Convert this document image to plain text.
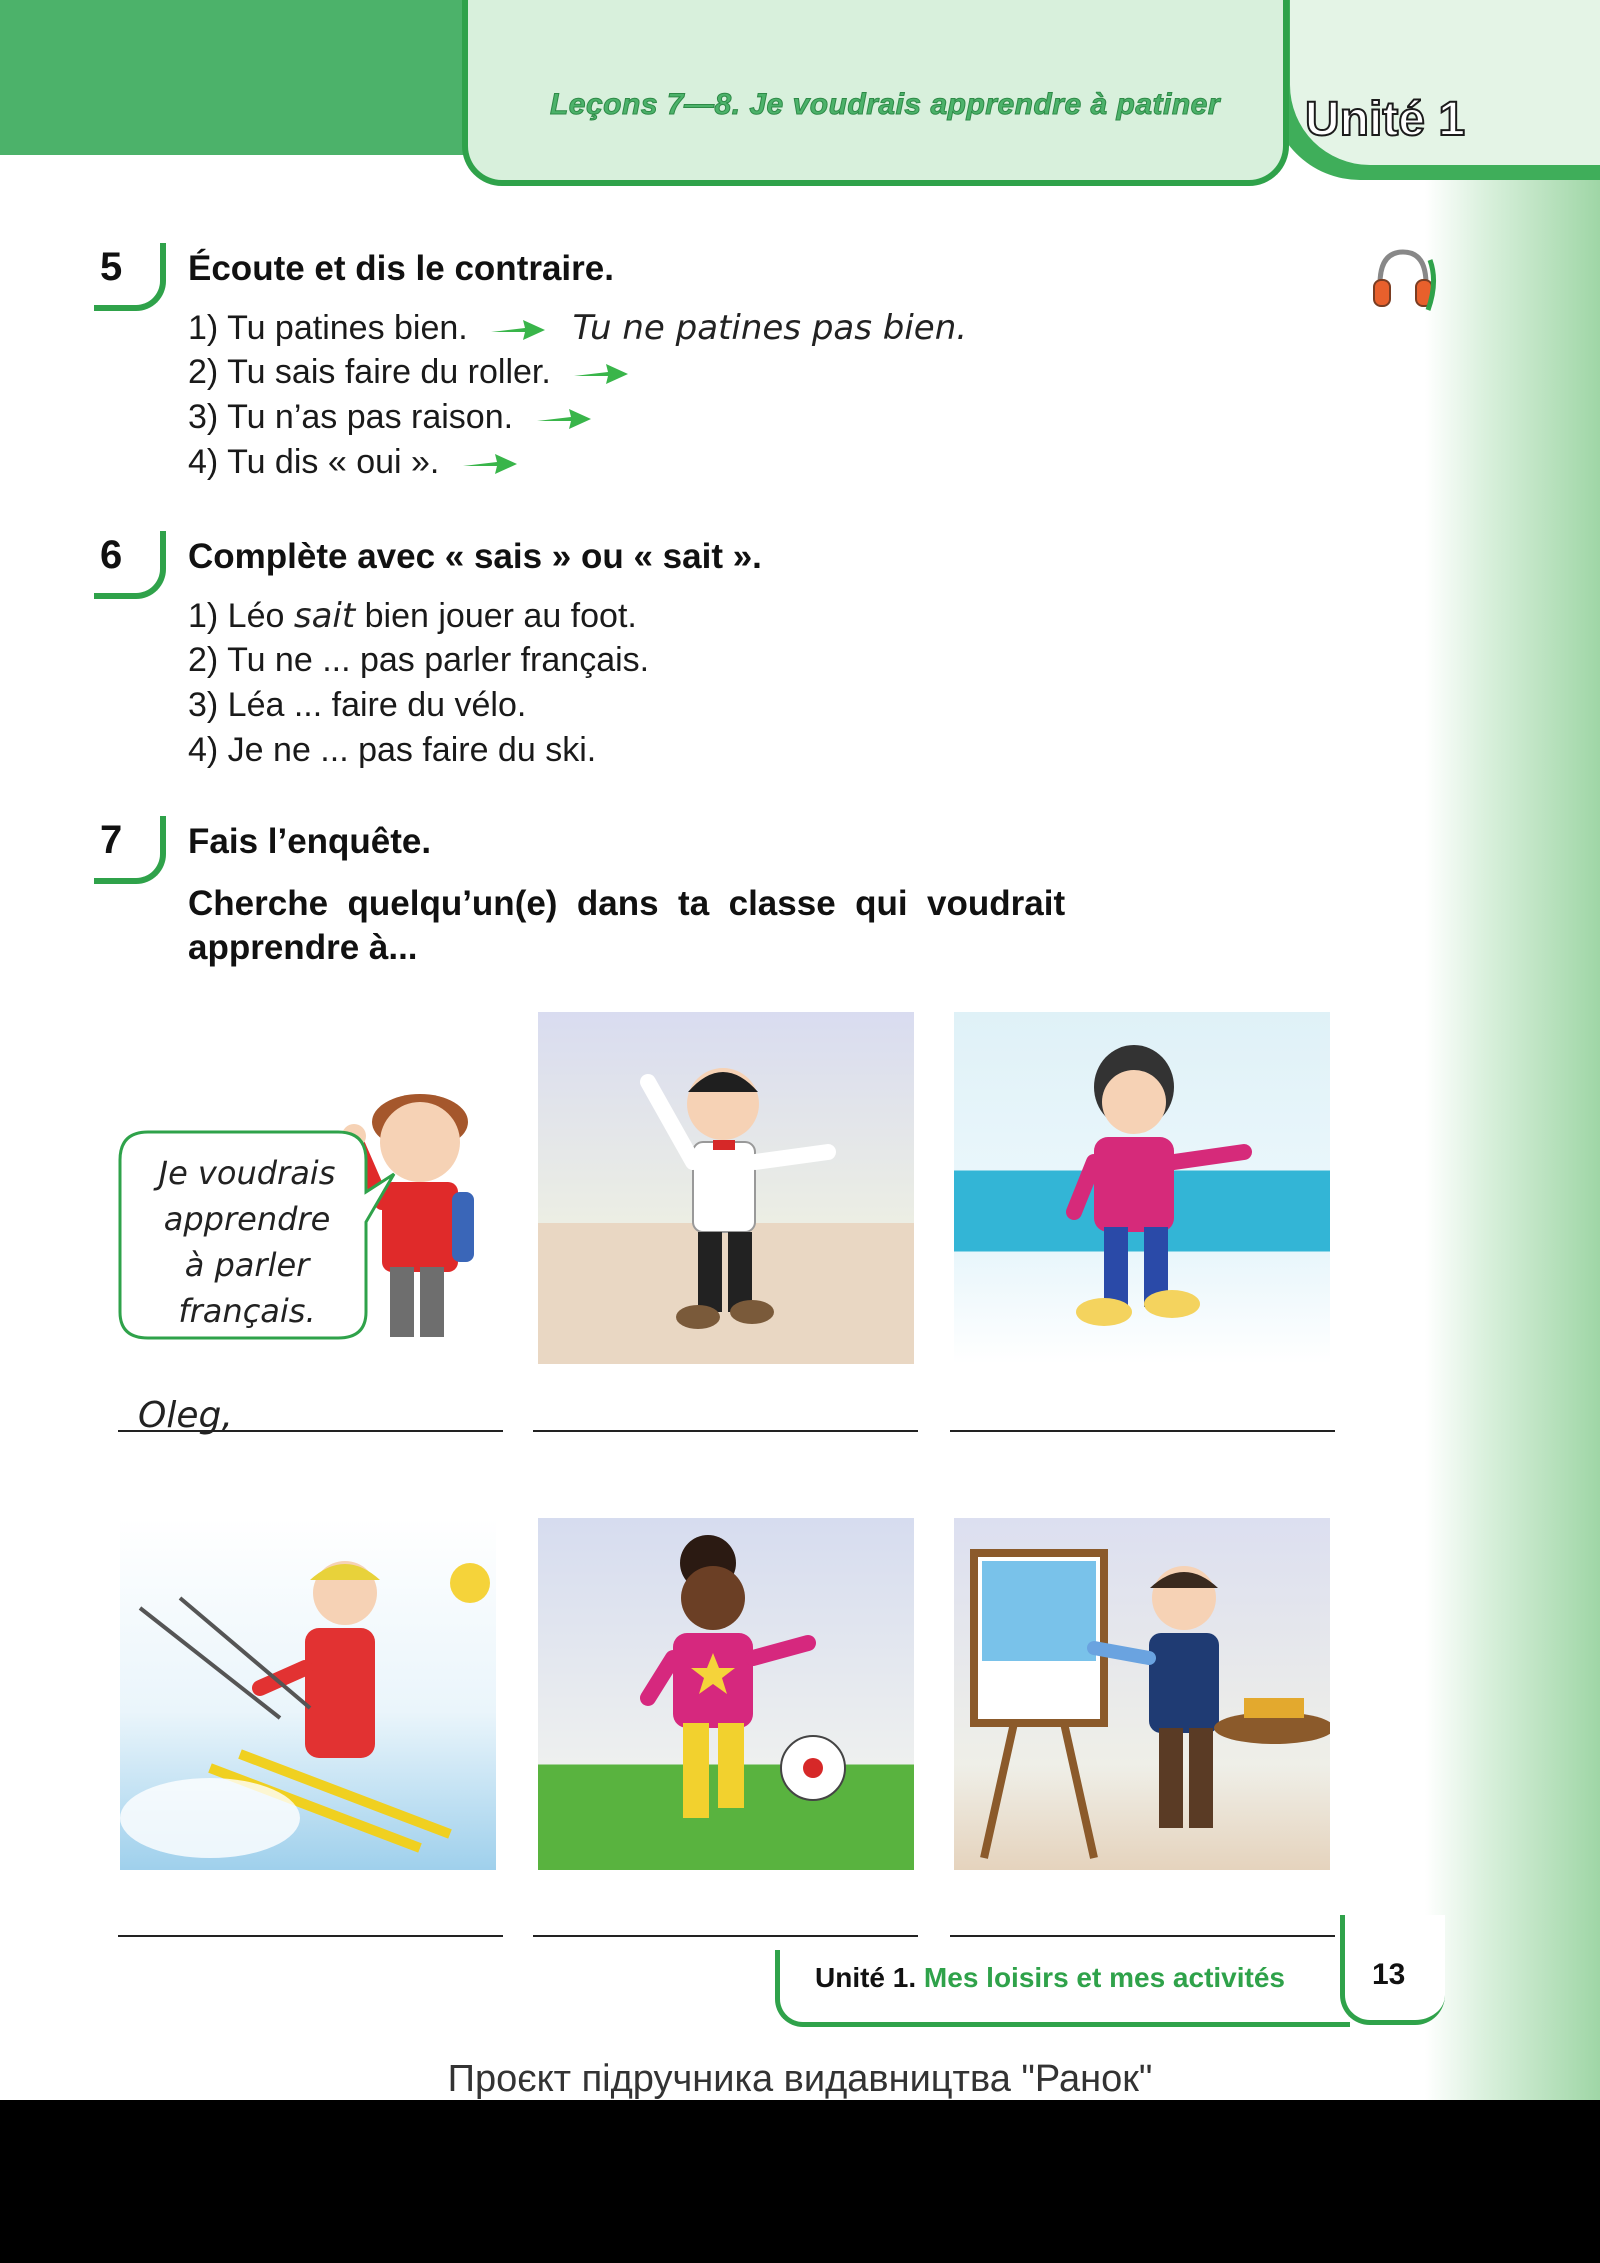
Leçons 7—8. Je voudrais apprendre à patiner	Unité 1
5	Écoute et dis le contraire.
1) Tu patines bien.	Tu ne patines pas bien.
2) Tu sais faire du roller.
3) Tu n’as pas raison.
4) Tu dis « oui ».
6	Complète avec « sais » ou « sait ».
1) Léo sait bien jouer au foot.
2) Tu ne ... pas parler français.
3) Léa ... faire du vélo.
4) Je ne ... pas faire du ski.
7	Fais l’enquête.
Cherche  quelqu’un(e)  dans  ta  classe  qui  voudrait
apprendre à...
Je voudrais
apprendre
à parler
français.
Oleg,
Unité 1. Mes loisirs et mes activités	13
Проєкт підручника видавництва "Ранок"
